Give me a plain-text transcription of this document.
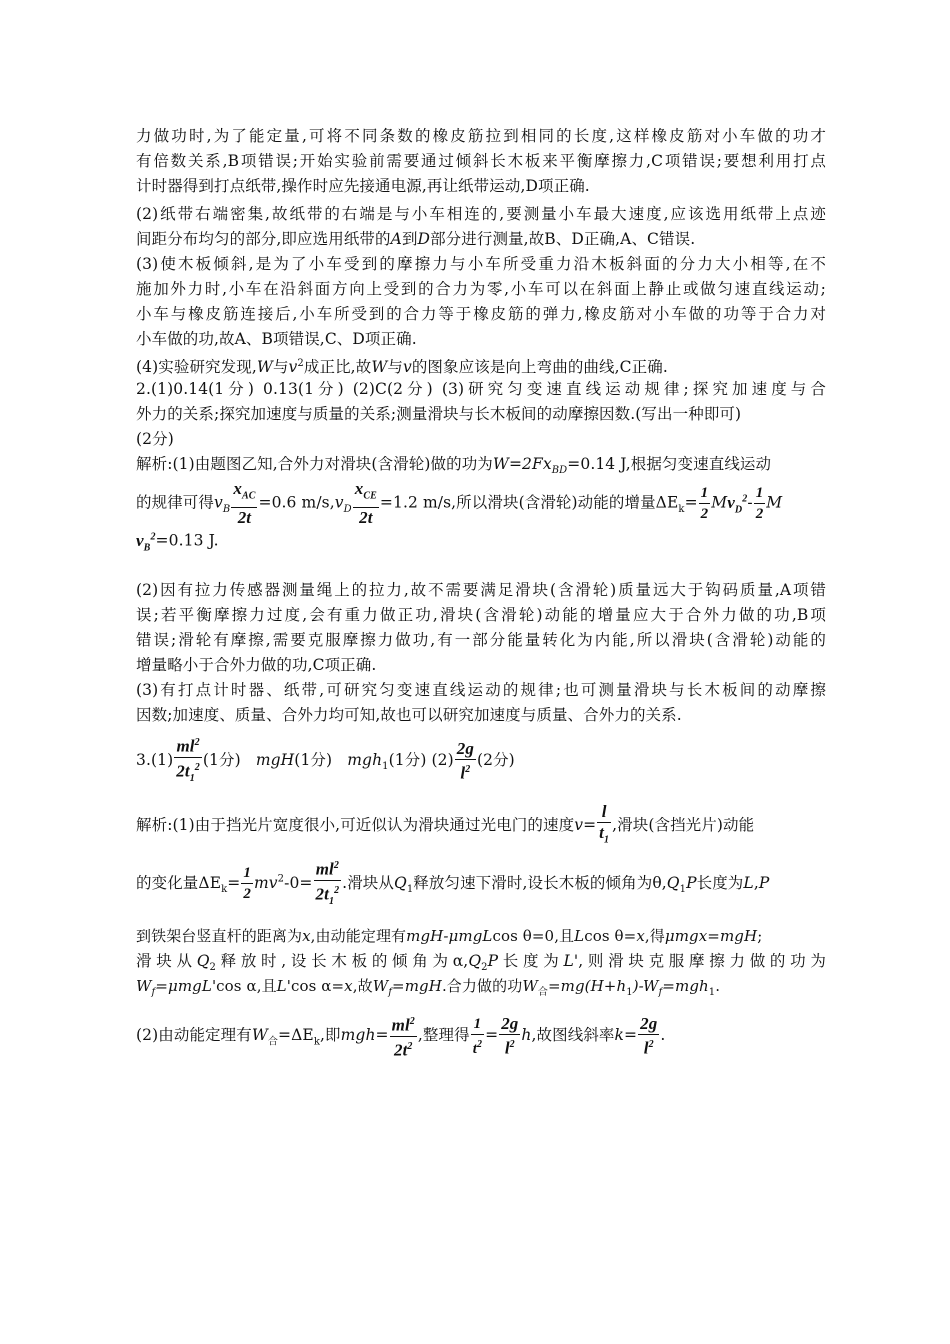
力做功时,为了能定量,可将不同条数的橡皮筋拉到相同的长度,这样橡皮筋对小车做的功才
有倍数关系,B项错误;开始实验前需要通过倾斜长木板来平衡摩擦力,C项错误;要想利用打点
计时器得到打点纸带,操作时应先接通电源,再让纸带运动,D项正确.
(2)纸带右端密集,故纸带的右端是与小车相连的,要测量小车最大速度,应该选用纸带上点迹
间距分布均匀的部分,即应选用纸带的A到D部分进行测量,故B、D正确,A、C错误.
(3)使木板倾斜,是为了小车受到的摩擦力与小车所受重力沿木板斜面的分力大小相等,在不
施加外力时,小车在沿斜面方向上受到的合力为零,小车可以在斜面上静止或做匀速直线运动;
小车与橡皮筋连接后,小车所受到的合力等于橡皮筋的弹力,橡皮筋对小车做的功等于合力对
小车做的功,故A、B项错误,C、D项正确.
(4)实验研究发现,W与$v^2$成正比,故W与v的图象应该是向上弯曲的曲线,C正确.
2.(1)0.14(1分) 0.13(1分) (2)C(2分) (3)研究匀变速直线运动规律;探究加速度与合
外力的关系;探究加速度与质量的关系;测量滑块与长木板间的动摩擦因数.(写出一种即可)
(2分)
解析:(1)由题图乙知,合外力对滑块(含滑轮)做的功为$W=2Fx_{BD}=0.14$ J,根据匀变速直线运动
的规律可得$v_B \frac{x_{AC}}{2t} =0.6$ $m/s,v_D \frac{x_{CE}}{2t} =1.2$ m/s,所以滑块(含滑轮)动能的增量$\Delta E_k= \frac{1}{2} Mv_D^2- \frac{1}{2}$ M
$v_B^2=0.13$ J.
(2)因有拉力传感器测量绳上的拉力,故不需要满足滑块(含滑轮)质量远大于钩码质量,A项错
误;若平衡摩擦力过度,会有重力做正功,滑块(含滑轮)动能的增量应大于合外力做的功,B项
错误;滑轮有摩擦,需要克服摩擦力做功,有一部分能量转化为内能,所以滑块(含滑轮)动能的
增量略小于合外力做的功,C项正确.
(3)有打点计时器、纸带,可研究匀变速直线运动的规律;也可测量滑块与长木板间的动摩擦
因数;加速度、质量、合外力均可知,故也可以研究加速度与质量、合外力的关系.
$3.(1) \frac{ml^2}{2t_1^2} (1$分) mgH(1分) mgh$_1$(1分) $(2) \frac{2g}{l^2} (2$分)
解析:(1)由于挡光片宽度很小,可近似认为滑块通过光电门的速度$v= \frac{l}{t_1}$ ,滑块(含挡光片)动能
的变化量$\Delta E_k= \frac{1}{2} mv^2-0= \frac{ml^2}{2t_1^2}$ .滑块从$Q_1$释放匀速下滑时,设长木板的倾角为$\theta,Q_1P$长度为L,P
到铁架台竖直杆的距离为x,由动能定理有mgH-μmgLcos θ=0,且Lcos θ=x,得μmgx=mgH;
滑块从$Q_2$释放时,设长木板的倾角为$\alpha,Q_2P$长度为L',则滑块克服摩擦力做的功为
$W_f=\mu mgL'\cos$ α,且L'cos α=x,故$W_f=mgH$.合力做的功$W_合=mg(H+h_1)-W_f=mgh_1$.
(2)由动能定理有$W_合=\Delta E_k$,即$mgh= \frac{ml^2}{2t^2}$ ,整理得 $\frac{1}{t^2} = \frac{2g}{l^2} h$,故图线斜率$k= \frac{2g}{l^2}$ .
